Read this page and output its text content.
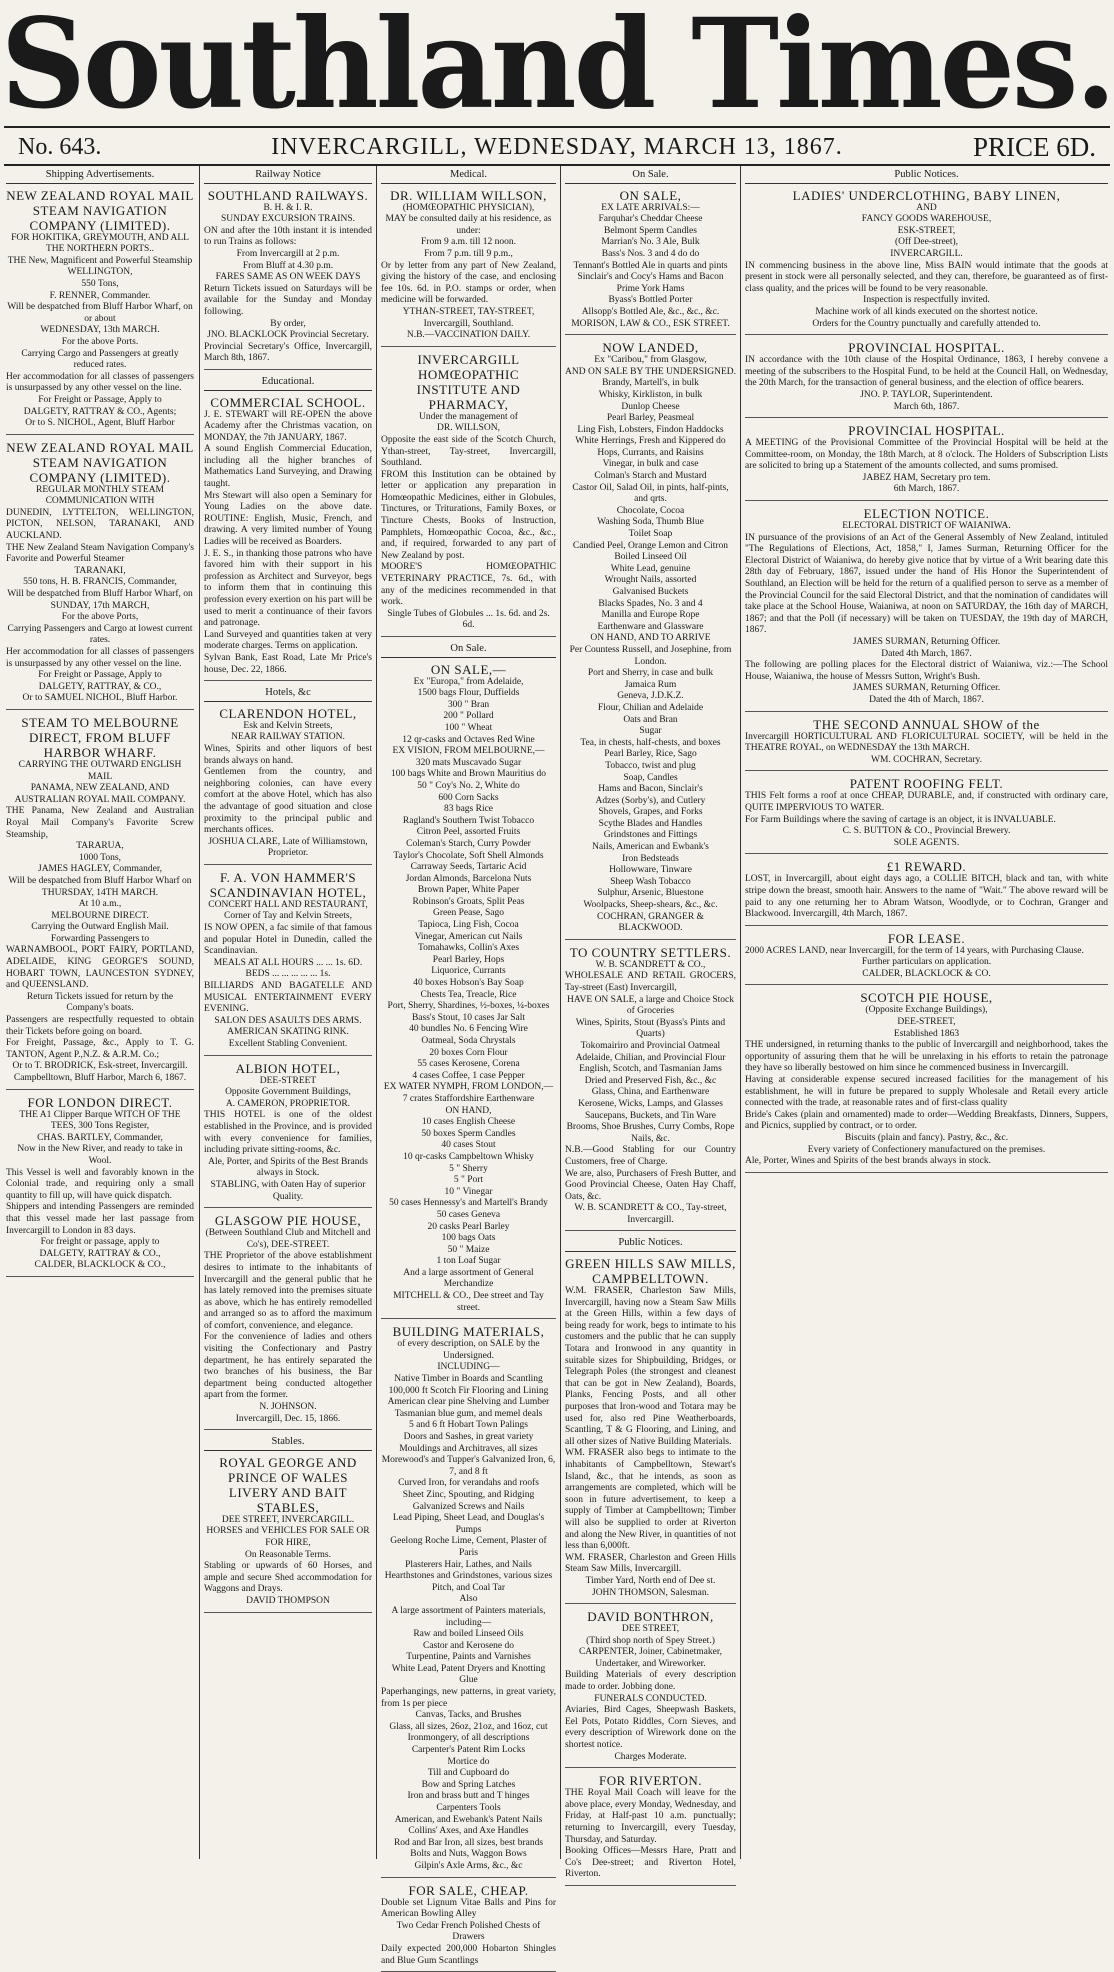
Southland Times.
No. 643.	INVERCARGILL, WEDNESDAY, MARCH 13, 1867.	PRICE 6D.
Shipping Advertisements.
NEW ZEALAND ROYAL MAIL STEAM NAVIGATION COMPANY (LIMITED).
FOR HOKITIKA, GREYMOUTH, AND ALL THE NORTHERN PORTS..
THE New, Magnificent and Powerful Steamship
WELLINGTON,
550 Tons,
F. RENNER, Commander.
Will be despatched from Bluff Harbor Wharf, on or about
WEDNESDAY, 13th MARCH.
For the above Ports.
Carrying Cargo and Passengers at greatly reduced rates.
Her accommodation for all classes of passengers is unsurpassed by any other vessel on the line.
For Freight or Passage, Apply to
DALGETY, RATTRAY & CO., Agents;
Or to S. NICHOL, Agent, Bluff Harbor
NEW ZEALAND ROYAL MAIL STEAM NAVIGATION COMPANY (LIMITED).
REGULAR MONTHLY STEAM COMMUNICATION WITH
DUNEDIN, LYTTELTON, WELLINGTON, PICTON, NELSON, TARANAKI, AND AUCKLAND.
THE New Zealand Steam Navigation Company's Favorite and Powerful Steamer
TARANAKI,
550 tons, H. B. FRANCIS, Commander,
Will be despatched from Bluff Harbor Wharf, on
SUNDAY, 17th MARCH,
For the above Ports,
Carrying Passengers and Cargo at lowest current rates.
Her accommodation for all classes of passengers is unsurpassed by any other vessel on the line.
For Freight or Passage, Apply to
DALGETY, RATTRAY, & CO.,
Or to SAMUEL NICHOL, Bluff Harbor.
STEAM TO MELBOURNE DIRECT, FROM BLUFF HARBOR WHARF.
CARRYING THE OUTWARD ENGLISH MAIL
PANAMA, NEW ZEALAND, AND AUSTRALIAN ROYAL MAIL COMPANY.
THE Panama, New Zealand and Australian Royal Mail Company's Favorite Screw Steamship,
TARARUA,
1000 Tons,
JAMES HAGLEY, Commander,
Will be despatched from Bluff Harbor Wharf on
THURSDAY, 14TH MARCH.
At 10 a.m.,
MELBOURNE DIRECT.
Carrying the Outward English Mail.
Forwarding Passengers to
WARNAMBOOL, PORT FAIRY, PORTLAND, ADELAIDE, KING GEORGE'S SOUND, HOBART TOWN, LAUNCESTON SYDNEY, and QUEENSLAND.
Return Tickets issued for return by the Company's boats.
Passengers are respectfully requested to obtain their Tickets before going on board.
For Freight, Passage, &c., Apply to T. G. TANTON, Agent P.,N.Z. & A.R.M. Co.;
Or to T. BRODRICK, Esk-street, Invercargill.
Campbelltown, Bluff Harbor, March 6, 1867.
FOR LONDON DIRECT.
THE A1 Clipper Barque WITCH OF THE TEES, 300 Tons Register,
CHAS. BARTLEY, Commander,
Now in the New River, and ready to take in Wool.
This Vessel is well and favorably known in the Colonial trade, and requiring only a small quantity to fill up, will have quick dispatch.
Shippers and intending Passengers are reminded that this vessel made her last passage from Invercargill to London in 83 days.
For freight or passage, apply to
DALGETY, RATTRAY & CO.,
CALDER, BLACKLOCK & CO.,
Railway Notice
SOUTHLAND RAILWAYS.
B. H. & I. R.
SUNDAY EXCURSION TRAINS.
ON and after the 10th instant it is intended to run Trains as follows:
From Invercargill at 2 p.m.
From Bluff at 4.30 p.m.
FARES SAME AS ON WEEK DAYS
Return Tickets issued on Saturdays will be available for the Sunday and Monday following.
By order,
JNO. BLACKLOCK Provincial Secretary.
Provincial Secretary's Office, Invercargill, March 8th, 1867.
Educational.
COMMERCIAL SCHOOL.
J. E. STEWART will RE-OPEN the above Academy after the Christmas vacation, on MONDAY, the 7th JANUARY, 1867.
A sound English Commercial Education, including all the higher branches of Mathematics Land Surveying, and Drawing taught.
Mrs Stewart will also open a Seminary for Young Ladies on the above date. ROUTINE: English, Music, French, and drawing. A very limited number of Young Ladies will be received as Boarders.
J. E. S., in thanking those patrons who have favored him with their support in his profession as Architect and Surveyor, begs to inform them that in continuing this profession every exertion on his part will be used to merit a continuance of their favors and patronage.
Land Surveyed and quantities taken at very moderate charges. Terms on application.
Sylvan Bank, East Road, Late Mr Price's house, Dec. 22, 1866.
Hotels, &c
CLARENDON HOTEL,
Esk and Kelvin Streets,
NEAR RAILWAY STATION.
Wines, Spirits and other liquors of best brands always on hand.
Gentlemen from the country, and neighboring colonies, can have every comfort at the above Hotel, which has also the advantage of good situation and close proximity to the principal public and merchants offices.
JOSHUA CLARE, Late of Williamstown, Proprietor.
F. A. VON HAMMER'S SCANDINAVIAN HOTEL,
CONCERT HALL AND RESTAURANT,
Corner of Tay and Kelvin Streets,
IS NOW OPEN, a fac simile of that famous and popular Hotel in Dunedin, called the Scandinavian.
MEALS AT ALL HOURS ... ... 1s. 6D.
BEDS ... ... ... ... ... 1s.
BILLIARDS AND BAGATELLE AND MUSICAL ENTERTAINMENT EVERY EVENING.
SALON DES ASAULTS DES ARMS.
AMERICAN SKATING RINK.
Excellent Stabling Convenient.
ALBION HOTEL,
DEE-STREET
Opposite Government Buildings,
A. CAMERON, PROPRIETOR.
THIS HOTEL is one of the oldest established in the Province, and is provided with every convenience for families, including private sitting-rooms, &c.
Ale, Porter, and Spirits of the Best Brands always in Stock.
STABLING, with Oaten Hay of superior Quality.
GLASGOW PIE HOUSE,
(Between Southland Club and Mitchell and Co's), DEE-STREET.
THE Proprietor of the above establishment desires to intimate to the inhabitants of Invercargill and the general public that he has lately removed into the premises situate as above, which he has entirely remodelled and arranged so as to afford the maximum of comfort, convenience, and elegance.
For the convenience of ladies and others visiting the Confectionary and Pastry department, he has entirely separated the two branches of his business, the Bar department being conducted altogether apart from the former.
N. JOHNSON.
Invercargill, Dec. 15, 1866.
Stables.
ROYAL GEORGE AND PRINCE OF WALES LIVERY AND BAIT STABLES,
DEE STREET, INVERCARGILL.
HORSES and VEHICLES FOR SALE OR FOR HIRE,
On Reasonable Terms.
Stabling or upwards of 60 Horses, and ample and secure Shed accommodation for Waggons and Drays.
DAVID THOMPSON
Medical.
DR. WILLIAM WILLSON,
(HOMŒOPATHIC PHYSICIAN),
MAY be consulted daily at his residence, as under:
From 9 a.m. till 12 noon.
From 7 p.m. till 9 p.m.,
Or by letter from any part of New Zealand, giving the history of the case, and enclosing fee 10s. 6d. in P.O. stamps or order, when medicine will be forwarded.
YTHAN-STREET, TAY-STREET, Invercargill, Southland.
N.B.—VACCINATION DAILY.
INVERCARGILL HOMŒOPATHIC INSTITUTE AND PHARMACY,
Under the management of
DR. WILLSON,
Opposite the east side of the Scotch Church, Ythan-street, Tay-street, Invercargill, Southland.
FROM this Institution can be obtained by letter or application any preparation in Homœopathic Medicines, either in Globules, Tinctures, or Triturations, Family Boxes, or Tincture Chests, Books of Instruction, Pamphlets, Homœopathic Cocoa, &c., &c., and, if required, forwarded to any part of New Zealand by post.
MOORE'S HOMŒOPATHIC VETERINARY PRACTICE, 7s. 6d., with any of the medicines recommended in that work.
Single Tubes of Globules ... 1s. 6d. and 2s. 6d.
On Sale.
ON SALE,—
Ex "Europa," from Adelaide,
1500 bags Flour, Duffields
300 " Bran
200 " Pollard
100 " Wheat
12 qr-casks and Octaves Red Wine
EX VISION, FROM MELBOURNE,—
320 mats Muscavado Sugar
100 bags White and Brown Mauritius do
50 " Coy's No. 2, White do
600 Corn Sacks
83 bags Rice
Ragland's Southern Twist Tobacco
Citron Peel, assorted Fruits
Coleman's Starch, Curry Powder
Taylor's Chocolate, Soft Shell Almonds
Carraway Seeds, Tartaric Acid
Jordan Almonds, Barcelona Nuts
Brown Paper, White Paper
Robinson's Groats, Split Peas
Green Pease, Sago
Tapioca, Ling Fish, Cocoa
Vinegar, American cut Nails
Tomahawks, Collin's Axes
Pearl Barley, Hops
Liquorice, Currants
40 boxes Hobson's Bay Soap
Chests Tea, Treacle, Rice
Port, Sherry, Shardines, ½-boxes, ¼-boxes
Bass's Stout, 10 cases Jar Salt
40 bundles No. 6 Fencing Wire
Oatmeal, Soda Chrystals
20 boxes Corn Flour
55 cases Kerosene, Corena
4 cases Coffee, 1 case Pepper
EX WATER NYMPH, FROM LONDON,—
7 crates Staffordshire Earthenware
ON HAND,
10 cases English Cheese
50 boxes Sperm Candles
40 cases Stout
10 qr-casks Campbeltown Whisky
5 " Sherry
5 " Port
10 " Vinegar
50 cases Hennessy's and Martell's Brandy
50 cases Geneva
20 casks Pearl Barley
100 bags Oats
50 " Maize
1 ton Loaf Sugar
And a large assortment of General Merchandize
MITCHELL & CO., Dee street and Tay street.
BUILDING MATERIALS,
of every description, on SALE by the Undersigned.
INCLUDING—
Native Timber in Boards and Scantling
100,000 ft Scotch Fir Flooring and Lining
American clear pine Shelving and Lumber
Tasmanian blue gum, and memel deals
5 and 6 ft Hobart Town Palings
Doors and Sashes, in great variety
Mouldings and Architraves, all sizes
Morewood's and Tupper's Galvanized Iron, 6, 7, and 8 ft
Curved Iron, for verandahs and roofs
Sheet Zinc, Spouting, and Ridging
Galvanized Screws and Nails
Lead Piping, Sheet Lead, and Douglas's Pumps
Geelong Roche Lime, Cement, Plaster of Paris
Plasterers Hair, Lathes, and Nails
Hearthstones and Grindstones, various sizes
Pitch, and Coal Tar
Also
A large assortment of Painters materials, including—
Raw and boiled Linseed Oils
Castor and Kerosene do
Turpentine, Paints and Varnishes
White Lead, Patent Dryers and Knotting
Glue
Paperhangings, new patterns, in great variety, from 1s per piece
Canvas, Tacks, and Brushes
Glass, all sizes, 26oz, 21oz, and 16oz, cut
Ironmongery, of all descriptions
Carpenter's Patent Rim Locks
Mortice do
Till and Cupboard do
Bow and Spring Latches
Iron and brass butt and T hinges
Carpenters Tools
American, and Ewebank's Patent Nails
Collins' Axes, and Axe Handles
Rod and Bar Iron, all sizes, best brands
Bolts and Nuts, Waggon Bows
Gilpin's Axle Arms, &c., &c
FOR SALE, CHEAP.
Double set Lignum Vitae Balls and Pins for American Bowling Alley
Two Cedar French Polished Chests of Drawers
Daily expected 200,000 Hobarton Shingles and Blue Gum Scantlings
On Sale.
ON SALE,
EX LATE ARRIVALS:—
Farquhar's Cheddar Cheese
Belmont Sperm Candles
Marrian's No. 3 Ale, Bulk
Bass's Nos. 3 and 4 do do
Tennant's Bottled Ale in quarts and pints
Sinclair's and Cocy's Hams and Bacon
Prime York Hams
Byass's Bottled Porter
Allsopp's Bottled Ale, &c., &c., &c.
MORISON, LAW & CO., ESK STREET.
NOW LANDED,
Ex "Caribou," from Glasgow,
AND ON SALE BY THE UNDERSIGNED.
Brandy, Martell's, in bulk
Whisky, Kirkliston, in bulk
Dunlop Cheese
Pearl Barley, Peasmeal
Ling Fish, Lobsters, Findon Haddocks
White Herrings, Fresh and Kippered do
Hops, Currants, and Raisins
Vinegar, in bulk and case
Colman's Starch and Mustard
Castor Oil, Salad Oil, in pints, half-pints, and qrts.
Chocolate, Cocoa
Washing Soda, Thumb Blue
Toilet Soap
Candied Peel, Orange Lemon and Citron
Boiled Linseed Oil
White Lead, genuine
Wrought Nails, assorted
Galvanised Buckets
Blacks Spades, No. 3 and 4
Manilla and Europe Rope
Earthenware and Glassware
ON HAND, AND TO ARRIVE
Per Countess Russell, and Josephine, from London.
Port and Sherry, in case and bulk
Jamaica Rum
Geneva, J.D.K.Z.
Flour, Chilian and Adelaide
Oats and Bran
Sugar
Tea, in chests, half-chests, and boxes
Pearl Barley, Rice, Sago
Tobacco, twist and plug
Soap, Candles
Hams and Bacon, Sinclair's
Adzes (Sorby's), and Cutlery
Shovels, Grapes, and Forks
Scythe Blades and Handles
Grindstones and Fittings
Nails, American and Ewbank's
Iron Bedsteads
Hollowware, Tinware
Sheep Wash Tobacco
Sulphur, Arsenic, Bluestone
Woolpacks, Sheep-shears, &c., &c.
COCHRAN, GRANGER & BLACKWOOD.
TO COUNTRY SETTLERS.
W. B. SCANDRETT & CO.,
WHOLESALE AND RETAIL GROCERS, Tay-street (East) Invercargill,
HAVE ON SALE, a large and Choice Stock of Groceries
Wines, Spirits, Stout (Byass's Pints and Quarts)
Tokomairiro and Provincial Oatmeal
Adelaide, Chilian, and Provincial Flour
English, Scotch, and Tasmanian Jams
Dried and Preserved Fish, &c., &c
Glass, China, and Earthenware
Kerosene, Wicks, Lamps, and Glasses
Saucepans, Buckets, and Tin Ware
Brooms, Shoe Brushes, Curry Combs, Rope Nails, &c.
N.B.—Good Stabling for our Country Customers, free of Charge.
We are, also, Purchasers of Fresh Butter, and Good Provincial Cheese, Oaten Hay Chaff, Oats, &c.
W. B. SCANDRETT & CO., Tay-street, Invercargill.
Public Notices.
GREEN HILLS SAW MILLS, CAMPBELLTOWN.
W.M. FRASER, Charleston Saw Mills, Invercargill, having now a Steam Saw Mills at the Green Hills, within a few days of being ready for work, begs to intimate to his customers and the public that he can supply Totara and Ironwood in any quantity in suitable sizes for Shipbuilding, Bridges, or Telegraph Poles (the strongest and cleanest that can be got in New Zealand), Boards, Planks, Fencing Posts, and all other purposes that Iron-wood and Totara may be used for, also red Pine Weatherboards, Scantling, T & G Flooring, and Lining, and all other sizes of Native Building Materials.
WM. FRASER also begs to intimate to the inhabitants of Campbelltown, Stewart's Island, &c., that he intends, as soon as arrangements are completed, which will be soon in future advertisement, to keep a supply of Timber at Campbelltown; Timber will also be supplied to order at Riverton and along the New River, in quantities of not less than 6,000ft.
WM. FRASER, Charleston and Green Hills Steam Saw Mills, Invercargill.
Timber Yard, North end of Dee st.
JOHN THOMSON, Salesman.
DAVID BONTHRON,
DEE STREET,
(Third shop north of Spey Street.)
CARPENTER, Joiner, Cabinetmaker, Undertaker, and Wireworker.
Building Materials of every description made to order. Jobbing done.
FUNERALS CONDUCTED.
Aviaries, Bird Cages, Sheepwash Baskets, Eel Pots, Potato Riddles, Corn Sieves, and every description of Wirework done on the shortest notice.
Charges Moderate.
FOR RIVERTON.
THE Royal Mail Coach will leave for the above place, every Monday, Wednesday, and Friday, at Half-past 10 a.m. punctually; returning to Invercargill, every Tuesday, Thursday, and Saturday.
Booking Offices—Messrs Hare, Pratt and Co's Dee-street; and Riverton Hotel, Riverton.
Public Notices.
LADIES' UNDERCLOTHING, BABY LINEN,
AND
FANCY GOODS WAREHOUSE,
ESK-STREET,
(Off Dee-street),
INVERCARGILL.
IN commencing business in the above line, Miss BAIN would intimate that the goods at present in stock were all personally selected, and they can, therefore, be guaranteed as of first-class quality, and the prices will be found to be very reasonable.
Inspection is respectfully invited.
Machine work of all kinds executed on the shortest notice.
Orders for the Country punctually and carefully attended to.
PROVINCIAL HOSPITAL.
IN accordance with the 10th clause of the Hospital Ordinance, 1863, I hereby convene a meeting of the subscribers to the Hospital Fund, to be held at the Council Hall, on Wednesday, the 20th March, for the transaction of general business, and the election of office bearers.
JNO. P. TAYLOR, Superintendent.
March 6th, 1867.
PROVINCIAL HOSPITAL.
A MEETING of the Provisional Committee of the Provincial Hospital will be held at the Committee-room, on Monday, the 18th March, at 8 o'clock. The Holders of Subscription Lists are solicited to bring up a Statement of the amounts collected, and sums promised.
JABEZ HAM, Secretary pro tem.
6th March, 1867.
ELECTION NOTICE.
ELECTORAL DISTRICT OF WAIANIWA.
IN pursuance of the provisions of an Act of the General Assembly of New Zealand, intituled "The Regulations of Elections, Act, 1858," I, James Surman, Returning Officer for the Electoral District of Waianiwa, do hereby give notice that by virtue of a Writ bearing date this 28th day of February, 1867, issued under the hand of His Honor the Superintendent of Southland, an Election will be held for the return of a qualified person to serve as a member of the Provincial Council for the said Electoral District, and that the nomination of candidates will take place at the School House, Waianiwa, at noon on SATURDAY, the 16th day of MARCH, 1867; and that the Poll (if necessary) will be taken on TUESDAY, the 19th day of MARCH, 1867.
JAMES SURMAN, Returning Officer.
Dated 4th March, 1867.
The following are polling places for the Electoral district of Waianiwa, viz.:—The School House, Waianiwa, the house of Messrs Sutton, Wright's Bush.
JAMES SURMAN, Returning Officer.
Dated the 4th of March, 1867.
THE SECOND ANNUAL SHOW of the
Invercargill HORTICULTURAL AND FLORICULTURAL SOCIETY, will be held in the THEATRE ROYAL, on WEDNESDAY the 13th MARCH.
WM. COCHRAN, Secretary.
PATENT ROOFING FELT.
THIS Felt forms a roof at once CHEAP, DURABLE, and, if constructed with ordinary care, QUITE IMPERVIOUS TO WATER.
For Farm Buildings where the saving of cartage is an object, it is INVALUABLE.
C. S. BUTTON & CO., Provincial Brewery.
SOLE AGENTS.
£1 REWARD.
LOST, in Invercargill, about eight days ago, a COLLIE BITCH, black and tan, with white stripe down the breast, smooth hair. Answers to the name of "Wait." The above reward will be paid to any one returning her to Abram Watson, Woodlyde, or to Cochran, Granger and Blackwood. Invercargill, 4th March, 1867.
FOR LEASE.
2000 ACRES LAND, near Invercargill, for the term of 14 years, with Purchasing Clause.
Further particulars on application.
CALDER, BLACKLOCK & CO.
SCOTCH PIE HOUSE,
(Opposite Exchange Buildings),
DEE-STREET,
Established 1863
THE undersigned, in returning thanks to the public of Invercargill and neighborhood, takes the opportunity of assuring them that he will be unrelaxing in his efforts to retain the patronage they have so liberally bestowed on him since he commenced business in Invercargill.
Having at considerable expense secured increased facilities for the management of his establishment, he will in future be prepared to supply Wholesale and Retail every article connected with the trade, at reasonable rates and of first-class quality
Bride's Cakes (plain and ornamented) made to order—Wedding Breakfasts, Dinners, Suppers, and Picnics, supplied by contract, or to order.
Biscuits (plain and fancy). Pastry, &c., &c.
Every variety of Confectionery manufactured on the premises.
Ale, Porter, Wines and Spirits of the best brands always in stock.
